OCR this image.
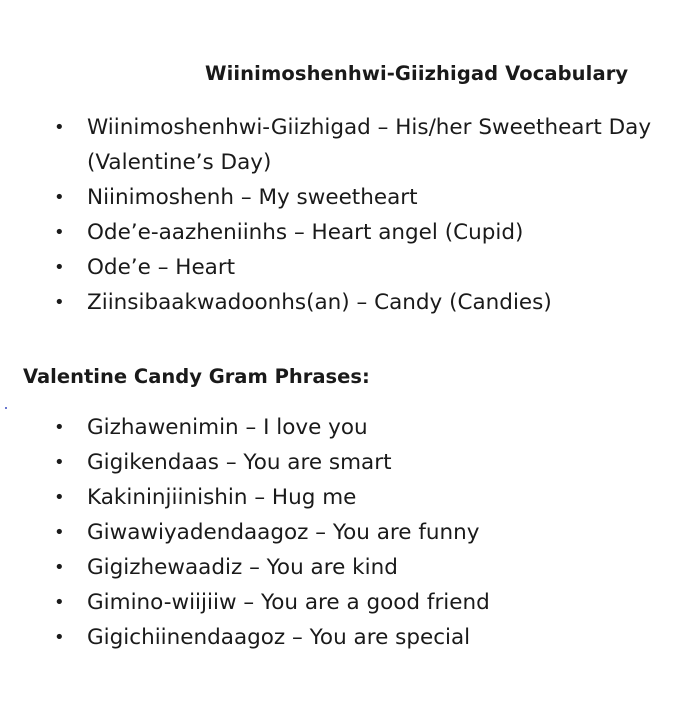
Wiinimoshenhwi-Giizhigad Vocabulary
• Wiinimoshenhwi-Giizhigad – His/her Sweetheart Day
(Valentine’s Day)
• Niinimoshenh – My sweetheart
• Ode’e-aazheniinhs – Heart angel (Cupid)
• Ode’e – Heart
• Ziinsibaakwadoonhs(an) – Candy (Candies)
Valentine Candy Gram Phrases:
• Gizhawenimin – I love you
• Gigikendaas – You are smart
• Kakininjiinishin – Hug me
• Giwawiyadendaagoz – You are funny
• Gigizhewaadiz – You are kind
• Gimino-wiijiiw – You are a good friend
• Gigichiinendaagoz – You are special
